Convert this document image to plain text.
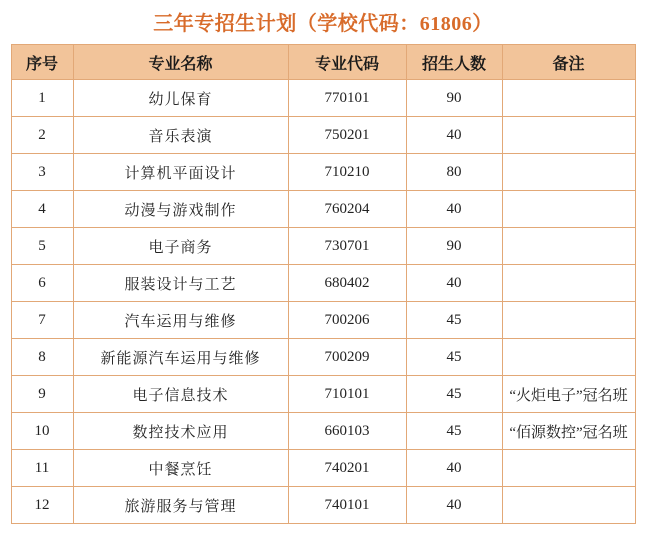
三年专招生计划（学校代码：61806）
序号	专业名称	专业代码	招生人数	备注
1	幼儿保育	770101	90	
2	音乐表演	750201	40	
3	计算机平面设计	710210	80	
4	动漫与游戏制作	760204	40	
5	电子商务	730701	90	
6	服装设计与工艺	680402	40	
7	汽车运用与维修	700206	45	
8	新能源汽车运用与维修	700209	45	
9	电子信息技术	710101	45	“火炬电子”冠名班
10	数控技术应用	660103	45	“佰源数控”冠名班
11	中餐烹饪	740201	40	
12	旅游服务与管理	740101	40	
